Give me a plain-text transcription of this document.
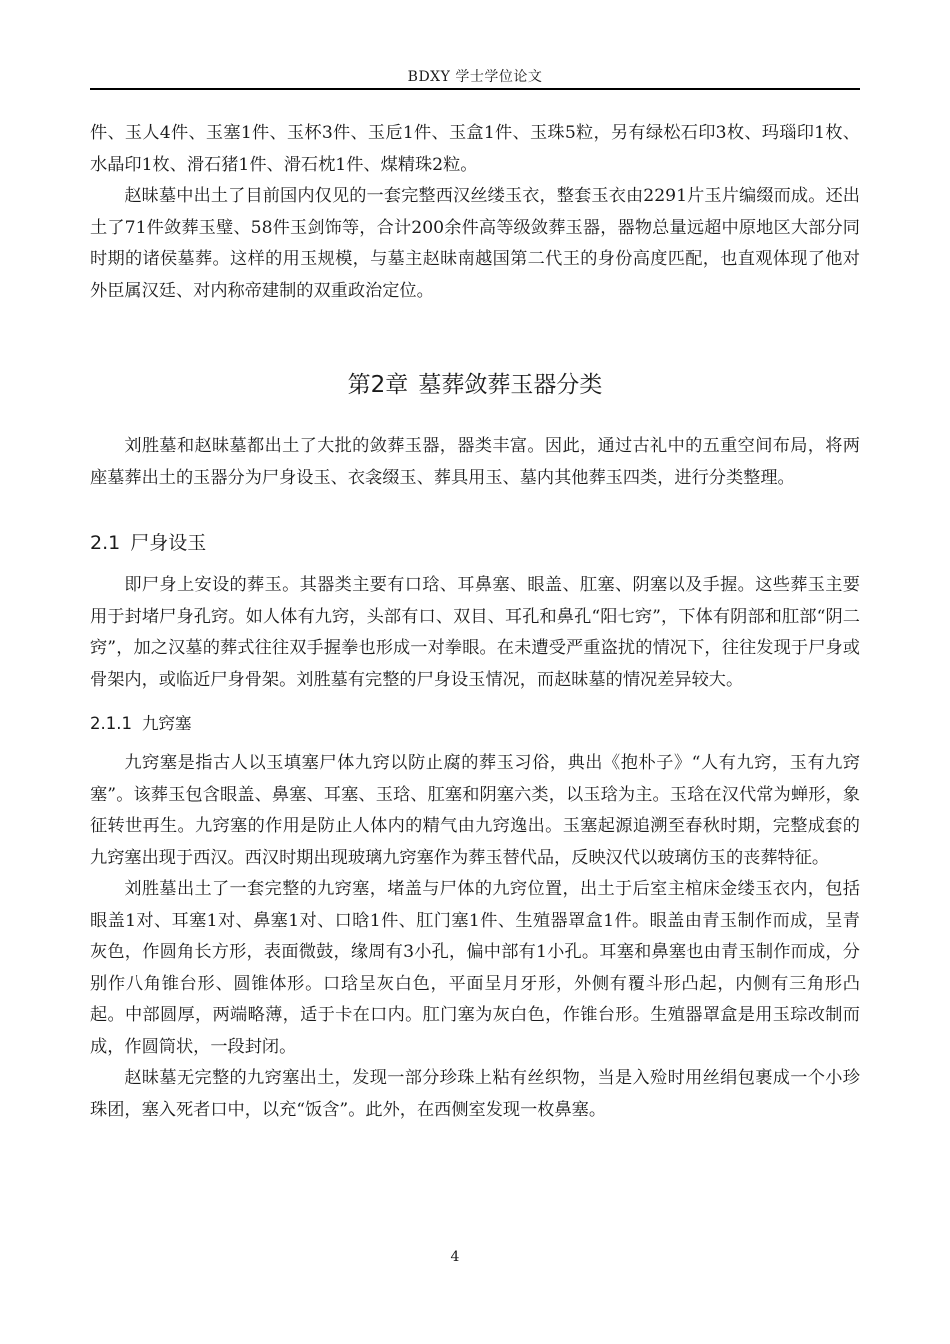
BDXY 学士学位论文

件、玉人4件、玉塞1件、玉杯3件、玉卮1件、玉盒1件、玉珠5粒，另有绿松石印3枚、玛瑙印1枚、水晶印1枚、滑石猪1件、滑石枕1件、煤精珠2粒。

赵昧墓中出土了目前国内仅见的一套完整西汉丝缕玉衣，整套玉衣由2291片玉片编缀而成。还出土了71件敛葬玉璧、58件玉剑饰等，合计200余件高等级敛葬玉器，器物总量远超中原地区大部分同时期的诸侯墓葬。这样的用玉规模，与墓主赵昧南越国第二代王的身份高度匹配，也直观体现了他对外臣属汉廷、对内称帝建制的双重政治定位。

第2章 墓葬敛葬玉器分类

刘胜墓和赵昧墓都出土了大批的敛葬玉器，器类丰富。因此，通过古礼中的五重空间布局，将两座墓葬出土的玉器分为尸身设玉、衣衾缀玉、葬具用玉、墓内其他葬玉四类，进行分类整理。

2.1 尸身设玉

即尸身上安设的葬玉。其器类主要有口琀、耳鼻塞、眼盖、肛塞、阴塞以及手握。这些葬玉主要用于封堵尸身孔窍。如人体有九窍，头部有口、双目、耳孔和鼻孔“阳七窍”，下体有阴部和肛部“阴二窍”，加之汉墓的葬式往往双手握拳也形成一对拳眼。在未遭受严重盗扰的情况下，往往发现于尸身或骨架内，或临近尸身骨架。刘胜墓有完整的尸身设玉情况，而赵昧墓的情况差异较大。

2.1.1 九窍塞

九窍塞是指古人以玉填塞尸体九窍以防止腐的葬玉习俗，典出《抱朴子》“人有九窍，玉有九窍塞”。该葬玉包含眼盖、鼻塞、耳塞、玉琀、肛塞和阴塞六类，以玉琀为主。玉琀在汉代常为蝉形，象征转世再生。九窍塞的作用是防止人体内的精气由九窍逸出。玉塞起源追溯至春秋时期，完整成套的九窍塞出现于西汉。西汉时期出现玻璃九窍塞作为葬玉替代品，反映汉代以玻璃仿玉的丧葬特征。

刘胜墓出土了一套完整的九窍塞，堵盖与尸体的九窍位置，出土于后室主棺床金缕玉衣内，包括眼盖1对、耳塞1对、鼻塞1对、口晗1件、肛门塞1件、生殖器罩盒1件。眼盖由青玉制作而成，呈青灰色，作圆角长方形，表面微鼓，缘周有3小孔，偏中部有1小孔。耳塞和鼻塞也由青玉制作而成，分别作八角锥台形、圆锥体形。口琀呈灰白色，平面呈月牙形，外侧有覆斗形凸起，内侧有三角形凸起。中部圆厚，两端略薄，适于卡在口内。肛门塞为灰白色，作锥台形。生殖器罩盒是用玉琮改制而成，作圆筒状，一段封闭。

赵昧墓无完整的九窍塞出土，发现一部分珍珠上粘有丝织物，当是入殓时用丝绢包裹成一个小珍珠团，塞入死者口中，以充“饭含”。此外，在西侧室发现一枚鼻塞。

4
